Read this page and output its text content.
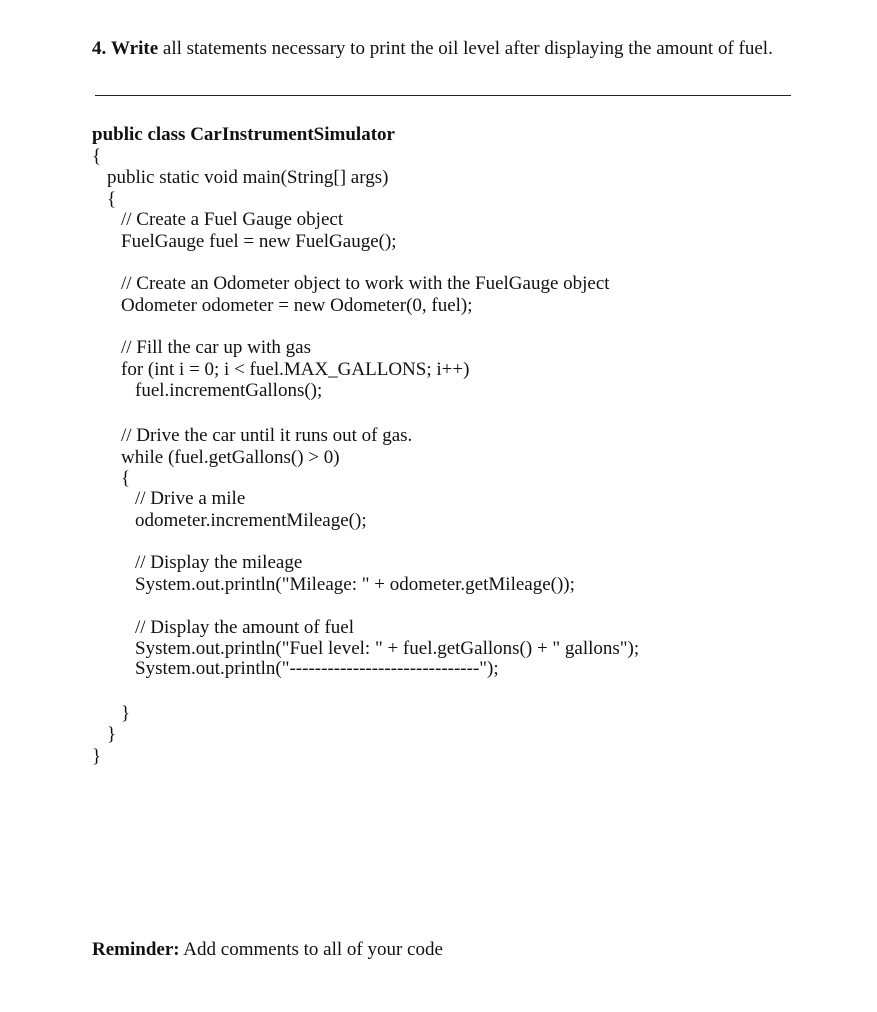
4. Write all statements necessary to print the oil level after displaying the amount of fuel.
public class CarInstrumentSimulator
{
public static void main(String[] args)
{
// Create a Fuel Gauge object
FuelGauge fuel = new FuelGauge();
// Create an Odometer object to work with the FuelGauge object
Odometer odometer = new Odometer(0, fuel);
// Fill the car up with gas
for (int i = 0; i < fuel.MAX_GALLONS; i++)
fuel.incrementGallons();
// Drive the car until it runs out of gas.
while (fuel.getGallons() > 0)
{
// Drive a mile
odometer.incrementMileage();
// Display the mileage
System.out.println("Mileage: " + odometer.getMileage());
// Display the amount of fuel
System.out.println("Fuel level: " + fuel.getGallons() + " gallons");
System.out.println("------------------------------");
}
}
}
Reminder: Add comments to all of your code
